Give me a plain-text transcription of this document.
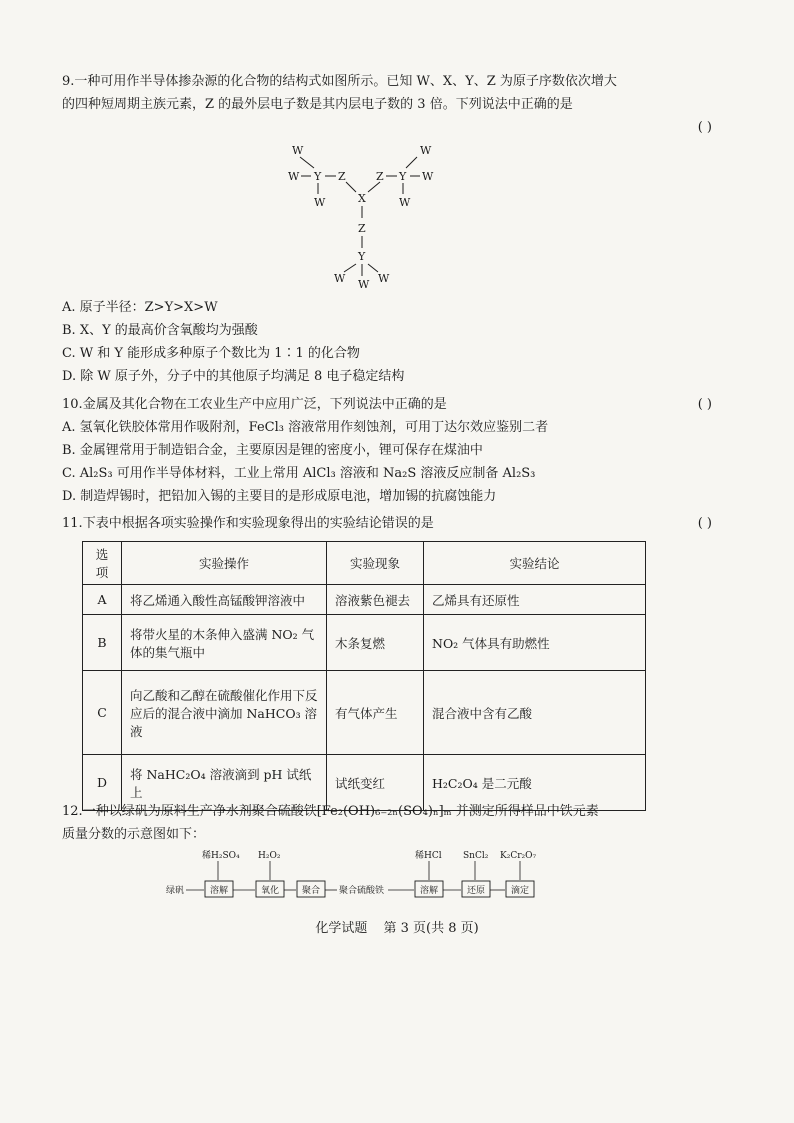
9.一种可用作半导体掺杂源的化合物的结构式如图所示。已知 W、X、Y、Z 为原子序数依次增大

的四种短周期主族元素，Z 的最外层电子数是其内层电子数的 3 倍。下列说法中正确的是

( )

W
W Y Z
W
W
Z Y W
W
X
Z
Y
W W W

A. 原子半径：Z>Y>X>W

B. X、Y 的最高价含氧酸均为强酸

C. W 和 Y 能形成多种原子个数比为 1∶1 的化合物

D. 除 W 原子外，分子中的其他原子均满足 8 电子稳定结构

10.金属及其化合物在工农业生产中应用广泛，下列说法中正确的是	( )

A. 氢氧化铁胶体常用作吸附剂，FeCl₃ 溶液常用作刻蚀剂，可用丁达尔效应鉴别二者

B. 金属锂常用于制造铝合金，主要原因是锂的密度小，锂可保存在煤油中

C. Al₂S₃ 可用作半导体材料，工业上常用 AlCl₃ 溶液和 Na₂S 溶液反应制备 Al₂S₃

D. 制造焊锡时，把铅加入锡的主要目的是形成原电池，增加锡的抗腐蚀能力

11.下表中根据各项实验操作和实验现象得出的实验结论错误的是	( )
选项	实验操作	实验现象	实验结论
A	将乙烯通入酸性高锰酸钾溶液中	溶液紫色褪去	乙烯具有还原性
B	将带火星的木条伸入盛满 NO₂ 气体的集气瓶中	木条复燃	NO₂ 气体具有助燃性
C	向乙酸和乙醇在硫酸催化作用下反应后的混合液中滴加 NaHCO₃ 溶液	有气体产生	混合液中含有乙酸
D	将 NaHC₂O₄ 溶液滴到 pH 试纸上	试纸变红	H₂C₂O₄ 是二元酸

12.一种以绿矾为原料生产净水剂聚合硫酸铁[Fe₂(OH)₆₋₂ₙ(SO₄)ₙ]ₘ 并测定所得样品中铁元素

质量分数的示意图如下：

稀H₂SO₄ H₂O₂	稀HCl SnCl₂ K₂Cr₂O₇
绿矾	溶解	氧化	聚合 聚合硫酸铁	溶解	还原	滴定
化学试题 第 3 页(共 8 页)
